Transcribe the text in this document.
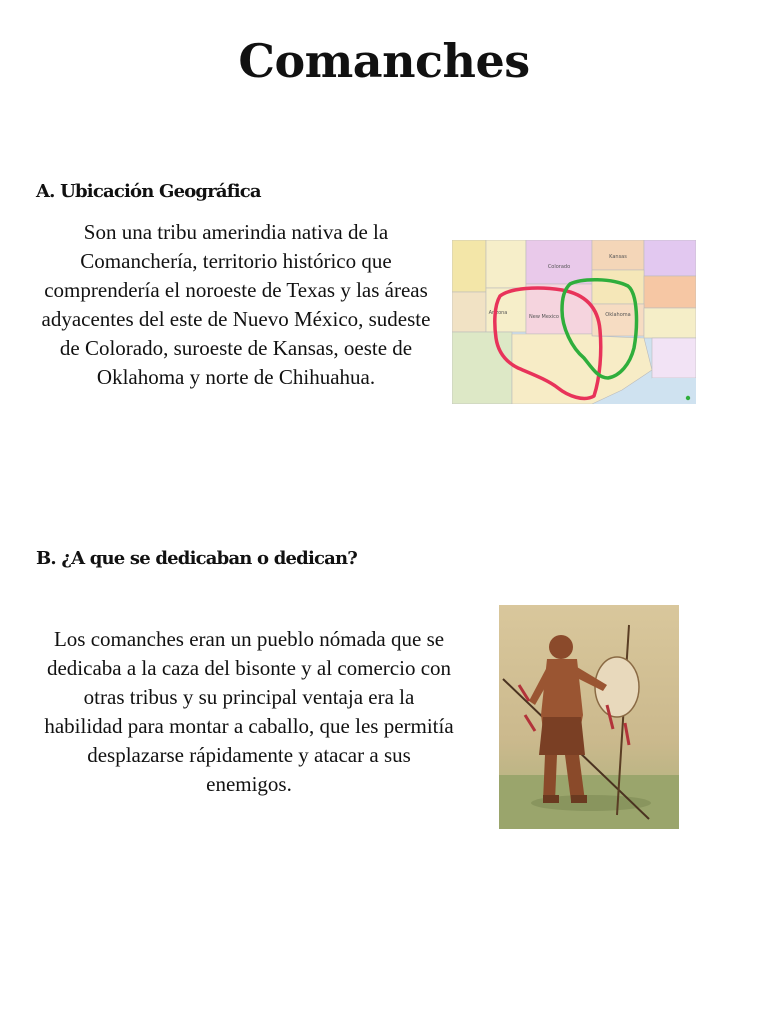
Comanches
A. Ubicación Geográfica

Son una tribu amerindia nativa de la Comanchería, territorio histórico que comprendería el noroeste de Texas y las áreas adyacentes del este de Nuevo México, sudeste de Colorado, suroeste de Kansas, oeste de Oklahoma y norte de Chihuahua.

Colorado
Kansas
Oklahoma
New Mexico
Arizona
B. ¿A que se dedicaban o dedican?

Los comanches eran un pueblo nómada que se dedicaba a la caza del bisonte y al comercio con otras tribus y su principal ventaja era la habilidad para montar a caballo, que les permitía desplazarse rápidamente y atacar a sus enemigos.
